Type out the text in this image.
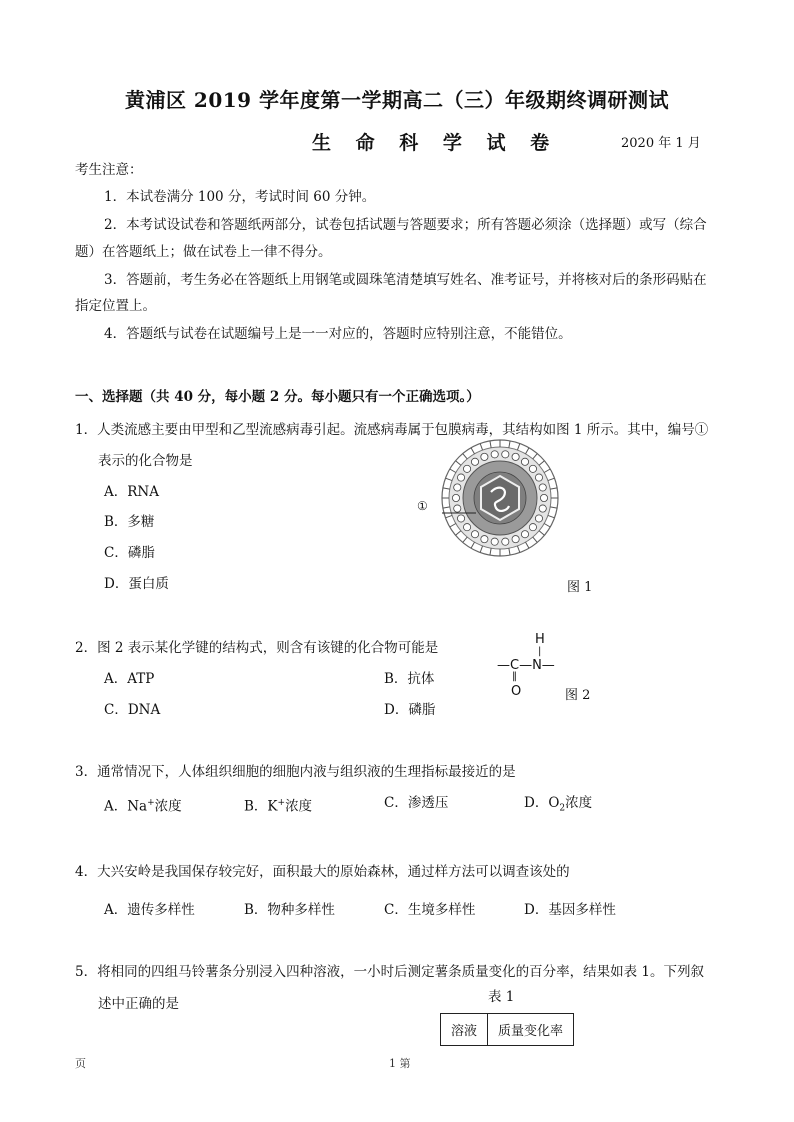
黄浦区 2019 学年度第一学期高二（三）年级期终调研测试
生 命 科 学 试 卷	2020 年 1 月
考生注意：
1．本试卷满分 100 分，考试时间 60 分钟。
2．本考试设试卷和答题纸两部分，试卷包括试题与答题要求；所有答题必须涂（选择题）或写（综合
题）在答题纸上；做在试卷上一律不得分。
3．答题前，考生务必在答题纸上用钢笔或圆珠笔清楚填写姓名、准考证号，并将核对后的条形码贴在
指定位置上。
4．答题纸与试卷在试题编号上是一一对应的，答题时应特别注意，不能错位。
一、选择题（共 40 分，每小题 2 分。每小题只有一个正确选项。）
1．人类流感主要由甲型和乙型流感病毒引起。流感病毒属于包膜病毒，其结构如图 1 所示。其中，编号①
表示的化合物是
A．RNA
B．多糖
C．磷脂
D．蛋白质
①
图 1
2．图 2 表示某化学键的结构式，则含有该键的化合物可能是
A．ATP	B．抗体
C．DNA	D．磷脂
H
|
—C—N—
‖
O	图 2
3．通常情况下，人体组织细胞的细胞内液与组织液的生理指标最接近的是
A．Na+浓度	B．K+浓度	C．渗透压	D．$O_2$浓度
4．大兴安岭是我国保存较完好，面积最大的原始森林，通过样方法可以调查该处的
A．遗传多样性	B．物种多样性	C．生境多样性	D．基因多样性
5．将相同的四组马铃薯条分别浸入四种溶液，一小时后测定薯条质量变化的百分率，结果如表 1。下列叙
述中正确的是	表 1
溶液	质量变化率
页	1 第
